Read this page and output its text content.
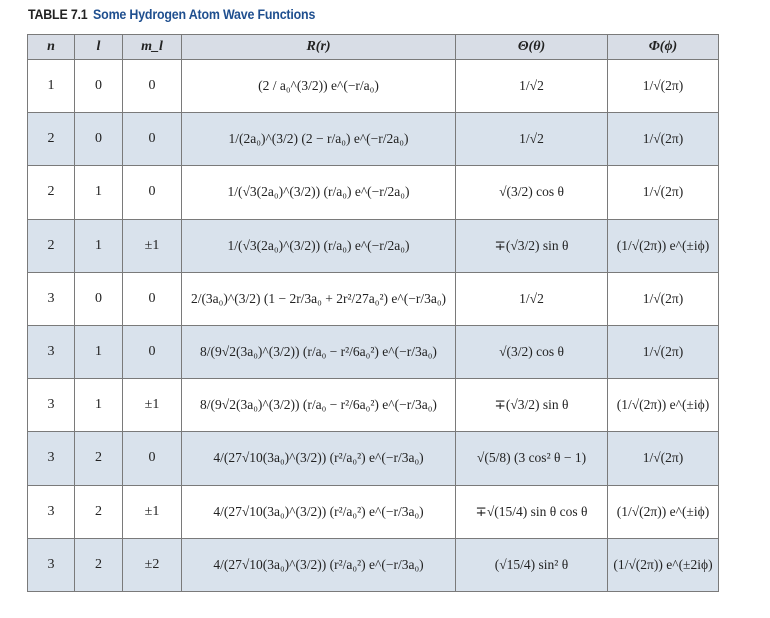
TABLE 7.1 Some Hydrogen Atom Wave Functions
n	l	m_l	R(r)	Θ(θ)	Φ(ϕ)
1	0	0	(2 / a₀^(3/2)) e^(−r/a₀)	1/√2	1/√(2π)
2	0	0	1/(2a₀)^(3/2) (2 − r/a₀) e^(−r/2a₀)	1/√2	1/√(2π)
2	1	0	1/(√3(2a₀)^(3/2)) (r/a₀) e^(−r/2a₀)	√(3/2) cos θ	1/√(2π)
2	1	±1	1/(√3(2a₀)^(3/2)) (r/a₀) e^(−r/2a₀)	∓(√3/2) sin θ	(1/√(2π)) e^(±iϕ)
3	0	0	2/(3a₀)^(3/2) (1 − 2r/3a₀ + 2r²/27a₀²) e^(−r/3a₀)	1/√2	1/√(2π)
3	1	0	8/(9√2(3a₀)^(3/2)) (r/a₀ − r²/6a₀²) e^(−r/3a₀)	√(3/2) cos θ	1/√(2π)
3	1	±1	8/(9√2(3a₀)^(3/2)) (r/a₀ − r²/6a₀²) e^(−r/3a₀)	∓(√3/2) sin θ	(1/√(2π)) e^(±iϕ)
3	2	0	4/(27√10(3a₀)^(3/2)) (r²/a₀²) e^(−r/3a₀)	√(5/8) (3 cos² θ − 1)	1/√(2π)
3	2	±1	4/(27√10(3a₀)^(3/2)) (r²/a₀²) e^(−r/3a₀)	∓√(15/4) sin θ cos θ	(1/√(2π)) e^(±iϕ)
3	2	±2	4/(27√10(3a₀)^(3/2)) (r²/a₀²) e^(−r/3a₀)	(√15/4) sin² θ	(1/√(2π)) e^(±2iϕ)
